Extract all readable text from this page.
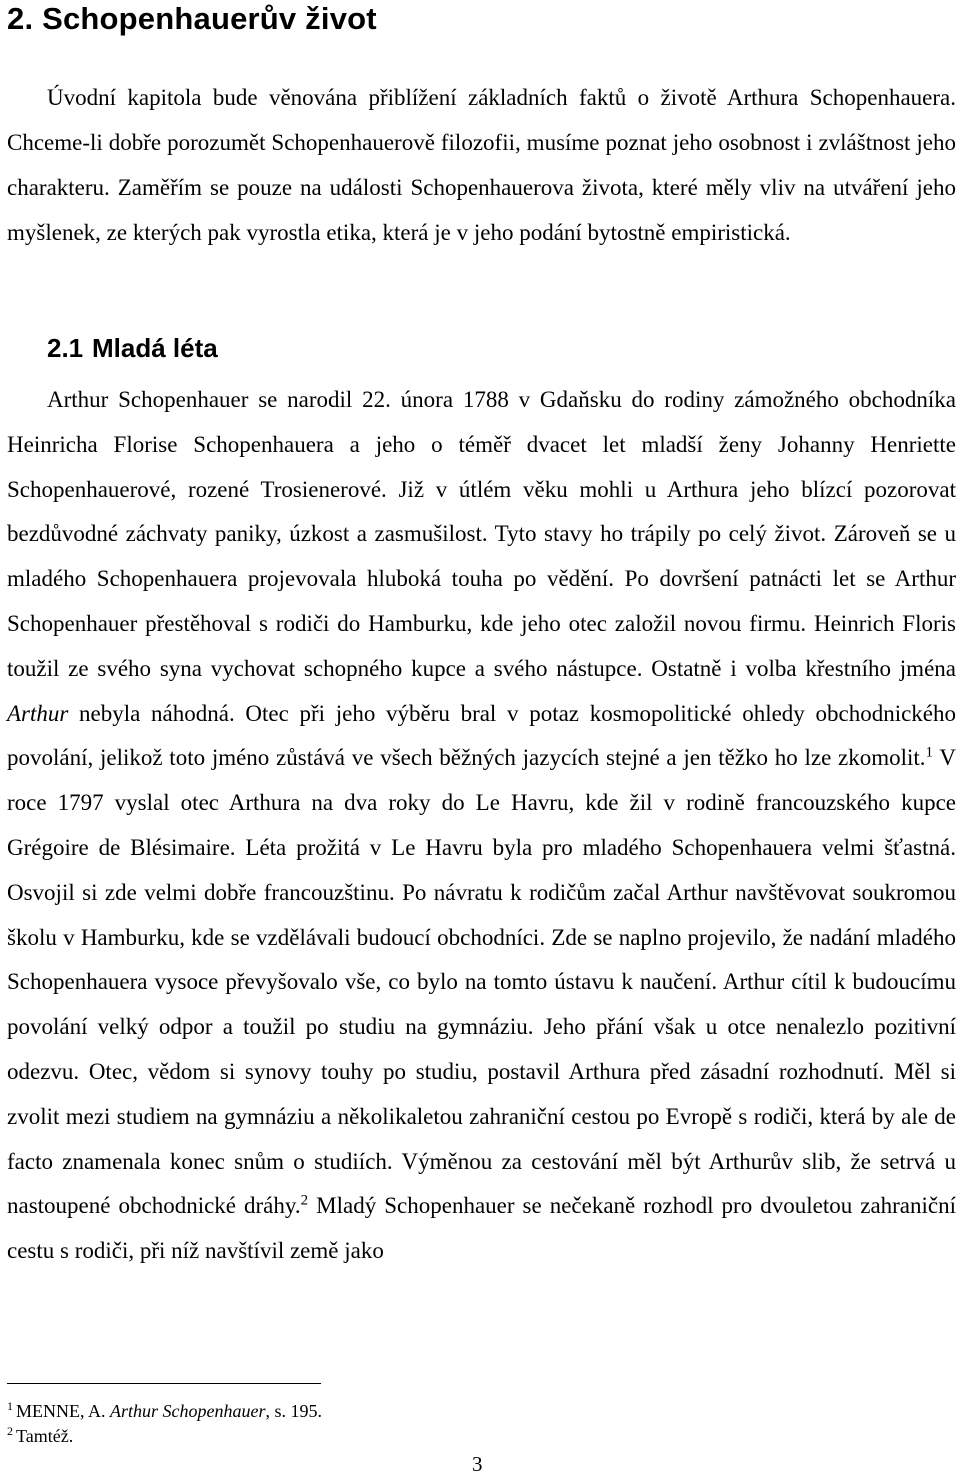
2. Schopenhauerův život

Úvodní kapitola bude věnována přiblížení základních faktů o životě Arthura Schopenhauera. Chceme-li dobře porozumět Schopenhauerově filozofii, musíme poznat jeho osobnost i zvláštnost jeho charakteru. Zaměřím se pouze na události Schopenhauerova života, které měly vliv na utváření jeho myšlenek, ze kterých pak vyrostla etika, která je v jeho podání bytostně empiristická.

2.1 Mladá léta

Arthur Schopenhauer se narodil 22. února 1788 v Gdaňsku do rodiny zámožného obchodníka Heinricha Florise Schopenhauera a jeho o téměř dvacet let mladší ženy Johanny Henriette Schopenhauerové, rozené Trosienerové. Již v útlém věku mohli u Arthura jeho blízcí pozorovat bezdůvodné záchvaty paniky, úzkost a zasmušilost. Tyto stavy ho trápily po celý život. Zároveň se u mladého Schopenhauera projevovala hluboká touha po vědění. Po dovršení patnácti let se Arthur Schopenhauer přestěhoval s rodiči do Hamburku, kde jeho otec založil novou firmu. Heinrich Floris toužil ze svého syna vychovat schopného kupce a svého nástupce. Ostatně i volba křestního jména Arthur nebyla náhodná. Otec při jeho výběru bral v potaz kosmopolitické ohledy obchodnického povolání, jelikož toto jméno zůstává ve všech běžných jazycích stejné a jen těžko ho lze zkomolit.$^1$ V roce 1797 vyslal otec Arthura na dva roky do Le Havru, kde žil v rodině francouzského kupce Grégoire de Blésimaire. Léta prožitá v Le Havru byla pro mladého Schopenhauera velmi šťastná. Osvojil si zde velmi dobře francouzštinu. Po návratu k rodičům začal Arthur navštěvovat soukromou školu v Hamburku, kde se vzdělávali budoucí obchodníci. Zde se naplno projevilo, že nadání mladého Schopenhauera vysoce převyšovalo vše, co bylo na tomto ústavu k naučení. Arthur cítil k budoucímu povolání velký odpor a toužil po studiu na gymnáziu. Jeho přání však u otce nenalezlo pozitivní odezvu. Otec, vědom si synovy touhy po studiu, postavil Arthura před zásadní rozhodnutí. Měl si zvolit mezi studiem na gymnáziu a několikaletou zahraniční cestou po Evropě s rodiči, která by ale de facto znamenala konec snům o studiích. Výměnou za cestování měl být Arthurův slib, že setrvá u nastoupené obchodnické dráhy.$^2$ Mladý Schopenhauer se nečekaně rozhodl pro dvouletou zahraniční cestu s rodiči, při níž navštívil země jako

$^1$ MENNE, A. Arthur Schopenhauer, s. 195.
$^2$ Tamtéž.
3
